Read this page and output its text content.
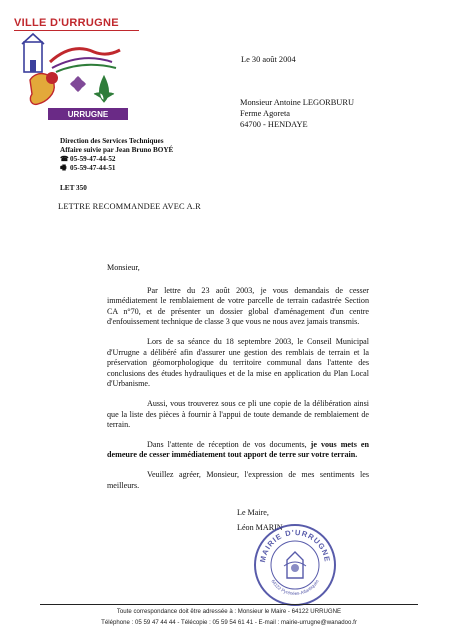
VILLE D'URRUGNE
URRUGNE
Direction des Services Techniques
Affaire suivie par Jean Bruno BOYÉ
☎05-59-47-44-52
🖷 05-59-47-44-51
LET 350
LETTRE RECOMMANDEE AVEC A.R
Le 30 août 2004
Monsieur Antoine LEGORBURU
Ferme Agoreta
64700 - HENDAYE

Monsieur,

Par lettre du 23 août 2003, je vous demandais de cesser immédiatement le remblaiement de votre parcelle de terrain cadastrée Section CA n°70, et de présenter un dossier global d'aménagement d'un centre d'enfouissement technique de classe 3 que vous ne nous avez jamais transmis.

Lors de sa séance du 18 septembre 2003, le Conseil Municipal d'Urrugne a délibéré afin d'assurer une gestion des remblais de terrain et la préservation géomorphologique du territoire communal dans l'attente des conclusions des études hydrauliques et de la mise en application du Plan Local d'Urbanisme.

Aussi, vous trouverez sous ce pli une copie de la délibération ainsi que la liste des pièces à fournir à l'appui de toute demande de remblaiement de terrain.

Dans l'attente de réception de vos documents, je vous mets en demeure de cesser immédiatement tout apport de terre sur votre terrain.

Veuillez agréer, Monsieur, l'expression de mes sentiments les meilleurs.

Le Maire,
Léon MARIN
MAIRIE D'URRUGNE
64122 Pyrénées-Atlantiques
Toute correspondance doit être adressée à : Monsieur le Maire - 64122 URRUGNE
Téléphone : 05 59 47 44 44 - Télécopie : 05 59 54 61 41 - E-mail : mairie-urrugne@wanadoo.fr
